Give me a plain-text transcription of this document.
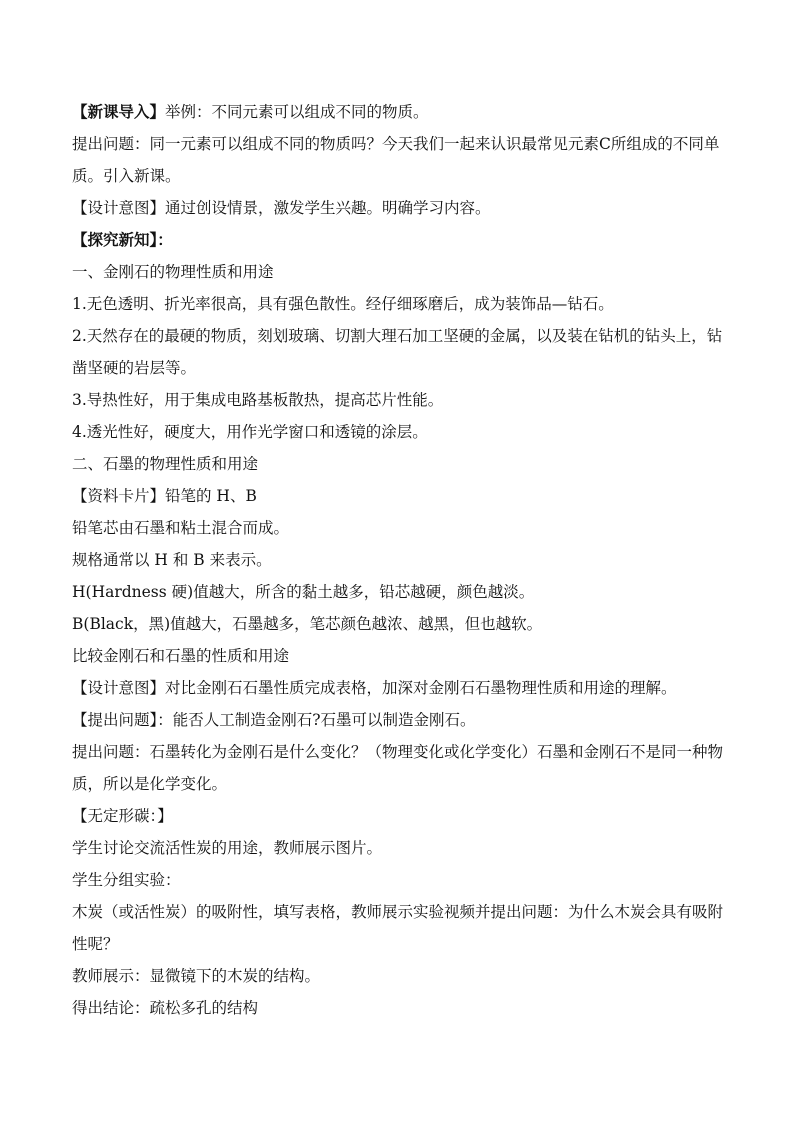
【新课导入】举例：不同元素可以组成不同的物质。

提出问题：同一元素可以组成不同的物质吗？今天我们一起来认识最常见元素C所组成的不同单质。引入新课。

【设计意图】通过创设情景，激发学生兴趣。明确学习内容。

【探究新知】：

一、金刚石的物理性质和用途

1.无色透明、折光率很高，具有强色散性。经仔细琢磨后，成为装饰品—钻石。

2.天然存在的最硬的物质，刻划玻璃、切割大理石加工坚硬的金属，以及装在钻机的钻头上，钻凿坚硬的岩层等。

3.导热性好，用于集成电路基板散热，提高芯片性能。

4.透光性好，硬度大，用作光学窗口和透镜的涂层。

二、石墨的物理性质和用途

【资料卡片】铅笔的 H、B

铅笔芯由石墨和粘土混合而成。

规格通常以 H 和 B 来表示。

H(Hardness 硬)值越大，所含的黏土越多，铅芯越硬，颜色越淡。

B(Black，黑)值越大，石墨越多，笔芯颜色越浓、越黑，但也越软。

比较金刚石和石墨的性质和用途

【设计意图】对比金刚石石墨性质完成表格，加深对金刚石石墨物理性质和用途的理解。

【提出问题】：能否人工制造金刚石?石墨可以制造金刚石。

提出问题：石墨转化为金刚石是什么变化？（物理变化或化学变化）石墨和金刚石不是同一种物质，所以是化学变化。

【无定形碳：】

学生讨论交流活性炭的用途，教师展示图片。

学生分组实验：

木炭（或活性炭）的吸附性，填写表格，教师展示实验视频并提出问题：为什么木炭会具有吸附性呢？

教师展示：显微镜下的木炭的结构。

得出结论：疏松多孔的结构
